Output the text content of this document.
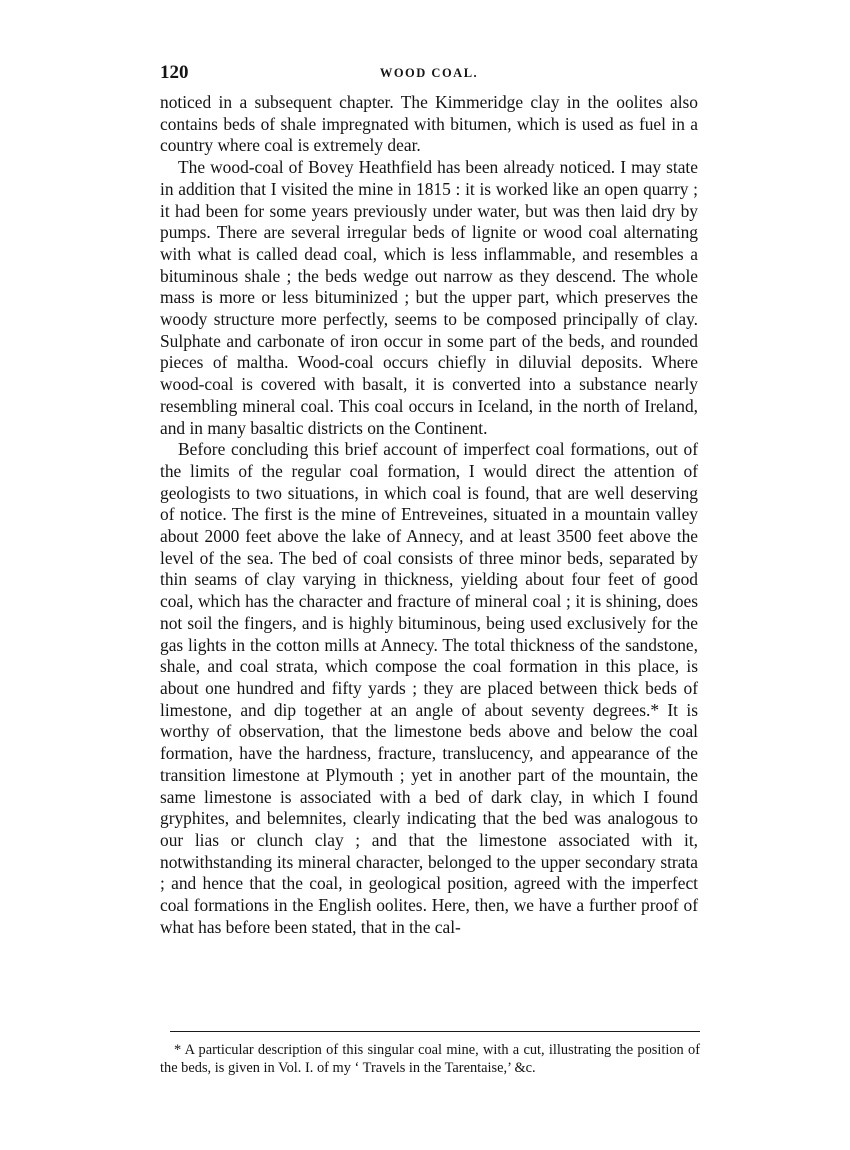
120	WOOD COAL.

noticed in a subsequent chapter. The Kimmeridge clay in the oolites also contains beds of shale impregnated with bitumen, which is used as fuel in a country where coal is extremely dear.

The wood-coal of Bovey Heathfield has been already noticed. I may state in addition that I visited the mine in 1815 : it is worked like an open quarry ; it had been for some years previously under water, but was then laid dry by pumps. There are several irregular beds of lignite or wood coal alternating with what is called dead coal, which is less inflammable, and resembles a bituminous shale ; the beds wedge out narrow as they descend. The whole mass is more or less bituminized ; but the upper part, which preserves the woody structure more perfectly, seems to be composed principally of clay. Sulphate and carbonate of iron occur in some part of the beds, and rounded pieces of maltha. Wood-coal occurs chiefly in diluvial deposits. Where wood-coal is covered with basalt, it is converted into a substance nearly resembling mineral coal. This coal occurs in Iceland, in the north of Ireland, and in many basaltic districts on the Continent.

Before concluding this brief account of imperfect coal formations, out of the limits of the regular coal formation, I would direct the attention of geologists to two situations, in which coal is found, that are well deserving of notice. The first is the mine of Entreveines, situated in a mountain valley about 2000 feet above the lake of Annecy, and at least 3500 feet above the level of the sea. The bed of coal consists of three minor beds, separated by thin seams of clay varying in thickness, yielding about four feet of good coal, which has the character and fracture of mineral coal ; it is shining, does not soil the fingers, and is highly bituminous, being used exclusively for the gas lights in the cotton mills at Annecy. The total thickness of the sandstone, shale, and coal strata, which compose the coal formation in this place, is about one hundred and fifty yards ; they are placed between thick beds of limestone, and dip together at an angle of about seventy degrees.* It is worthy of observation, that the limestone beds above and below the coal formation, have the hardness, fracture, translucency, and appearance of the transition limestone at Plymouth ; yet in another part of the mountain, the same limestone is associated with a bed of dark clay, in which I found gryphites, and belemnites, clearly indicating that the bed was analogous to our lias or clunch clay ; and that the limestone associated with it, notwithstanding its mineral character, belonged to the upper secondary strata ; and hence that the coal, in geological position, agreed with the imperfect coal formations in the English oolites. Here, then, we have a further proof of what has before been stated, that in the cal-

* A particular description of this singular coal mine, with a cut, illustrating the position of the beds, is given in Vol. I. of my ‘ Travels in the Tarentaise,’ &c.
